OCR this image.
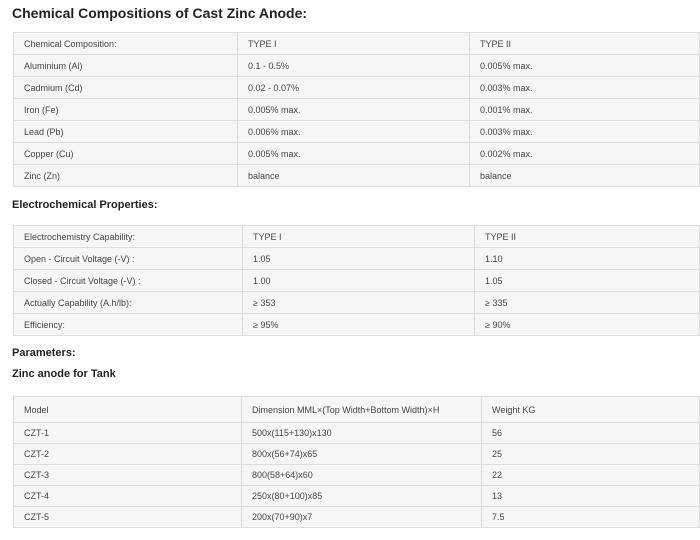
Chemical Compositions of Cast Zinc Anode:
Chemical Composition:	TYPE I	TYPE II
Aluminium (Al)	0.1 - 0.5%	0.005% max.
Cadmium (Cd)	0.02 - 0.07%	0.003% max.
Iron (Fe)	0.005% max.	0.001% max.
Lead (Pb)	0.006% max.	0.003% max.
Copper (Cu)	0.005% max.	0.002% max.
Zinc (Zn)	balance	balance
Electrochemical Properties:
Electrochemistry Capability:	TYPE I	TYPE II
Open - Circuit Voltage (-V) :	1.05	1.10
Closed - Circuit Voltage (-V) :	1.00	1.05
Actually Capability (A.h/lb):	≥ 353	≥ 335
Efficiency:	≥ 95%	≥ 90%
Parameters:
Zinc anode for Tank
Model	Dimension MML×(Top Width+Bottom Width)×H	Weight KG
CZT-1	500x(115+130)x130	56
CZT-2	800x(56+74)x65	25
CZT-3	800(58+64)x60	22
CZT-4	250x(80+100)x85	13
CZT-5	200x(70+90)x7	7.5
